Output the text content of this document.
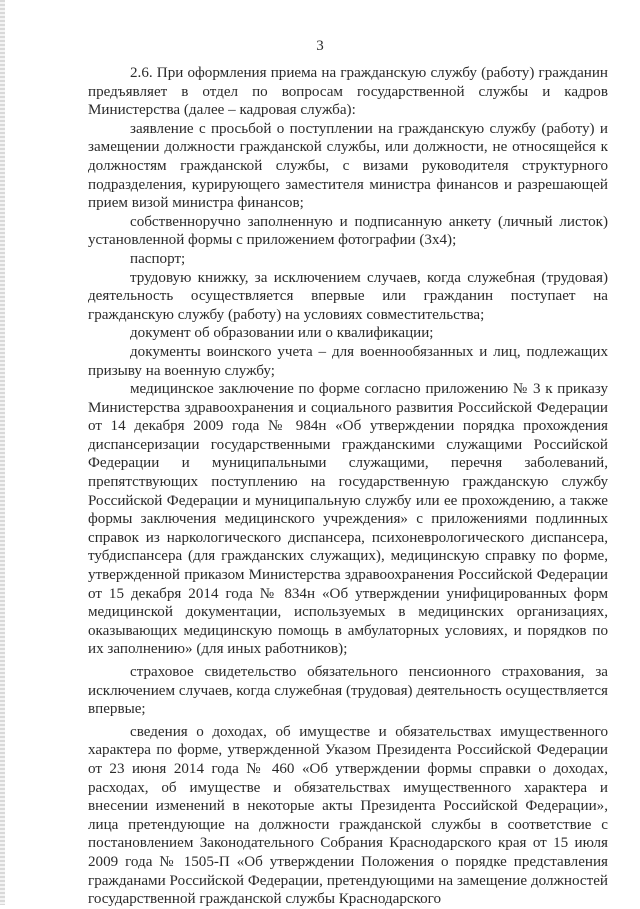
3

2.6. При оформления приема на гражданскую службу (работу) гражданин предъявляет в отдел по вопросам государственной службы и кадров Министерства (далее – кадровая служба):

заявление с просьбой о поступлении на гражданскую службу (работу) и замещении должности гражданской службы, или должности, не относящейся к должностям гражданской службы, с визами руководителя структурного подразделения, курирующего заместителя министра финансов и разрешающей прием визой министра финансов;

собственноручно заполненную и подписанную анкету (личный листок) установленной формы с приложением фотографии (3х4);

паспорт;

трудовую книжку, за исключением случаев, когда служебная (трудовая) деятельность осуществляется впервые или гражданин поступает на гражданскую службу (работу) на условиях совместительства;

документ об образовании или о квалификации;

документы воинского учета – для военнообязанных и лиц, подлежащих призыву на военную службу;

медицинское заключение по форме согласно приложению № 3 к приказу Министерства здравоохранения и социального развития Российской Федерации от 14 декабря 2009 года № 984н «Об утверждении порядка прохождения диспансеризации государственными гражданскими служащими Российской Федерации и муниципальными служащими, перечня заболеваний, препятствующих поступлению на государственную гражданскую службу Российской Федерации и муниципальную службу или ее прохождению, а также формы заключения медицинского учреждения» с приложениями подлинных справок из наркологического диспансера, психоневрологического диспансера, тубдиспансера (для гражданских служащих), медицинскую справку по форме, утвержденной приказом Министерства здравоохранения Российской Федерации от 15 декабря 2014 года № 834н «Об утверждении унифицированных форм медицинской документации, используемых в медицинских организациях, оказывающих медицинскую помощь в амбулаторных условиях, и порядков по их заполнению» (для иных работников);

страховое свидетельство обязательного пенсионного страхования, за исключением случаев, когда служебная (трудовая) деятельность осуществляется впервые;

сведения о доходах, об имуществе и обязательствах имущественного характера по форме, утвержденной Указом Президента Российской Федерации от 23 июня 2014 года № 460 «Об утверждении формы справки о доходах, расходах, об имуществе и обязательствах имущественного характера и внесении изменений в некоторые акты Президента Российской Федерации», лица претендующие на должности гражданской службы в соответствие с постановлением Законодательного Собрания Краснодарского края от 15 июля 2009 года № 1505-П «Об утверждении Положения о порядке представления гражданами Российской Федерации, претендующими на замещение должностей государственной гражданской службы Краснодарского
